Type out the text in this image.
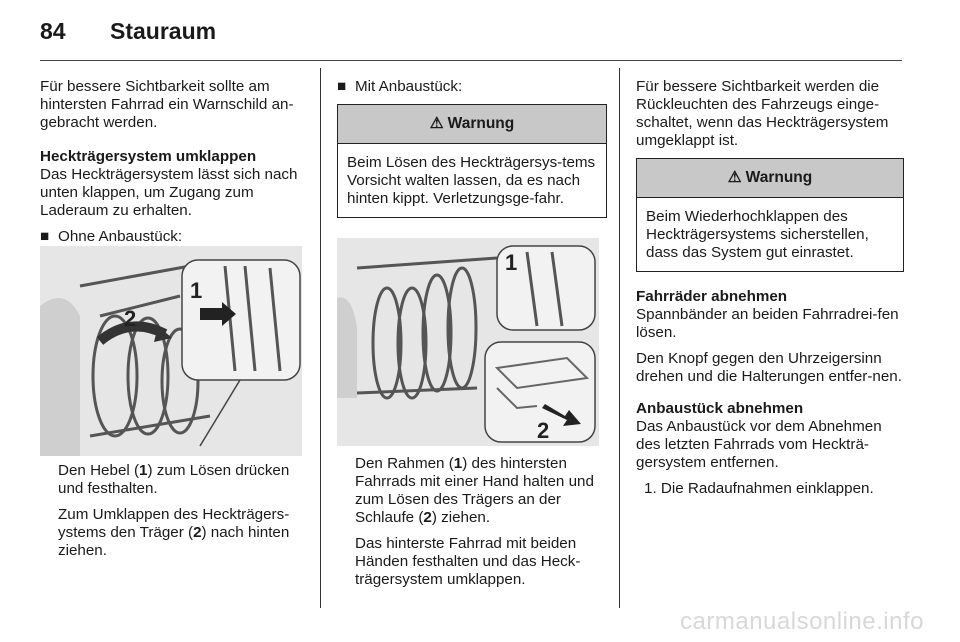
84 Stauraum

Für bessere Sichtbarkeit sollte am hintersten Fahrrad ein Warnschild an-gebracht werden.

Heckträgersystem umklappen

Das Heckträgersystem lässt sich nach unten klappen, um Zugang zum Laderaum zu erhalten.

■ Ohne Anbaustück:

2
1

Den Hebel (1) zum Lösen drücken und festhalten.

Zum Umklappen des Heckträgers-ystems den Träger (2) nach hinten ziehen.

■ Mit Anbaustück:

⚠ Warnung
Beim Lösen des Heckträgersys-tems Vorsicht walten lassen, da es nach hinten kippt. Verletzungsge-fahr.
1
2

Den Rahmen (1) des hintersten Fahrrads mit einer Hand halten und zum Lösen des Trägers an der Schlaufe (2) ziehen.

Das hinterste Fahrrad mit beiden Händen festhalten und das Heck-trägersystem umklappen.

Für bessere Sichtbarkeit werden die Rückleuchten des Fahrzeugs einge-schaltet, wenn das Heckträgersystem umgeklappt ist.

⚠ Warnung
Beim Wiederhochklappen des Heckträgersystems sicherstellen, dass das System gut einrastet.
Fahrräder abnehmen

Spannbänder an beiden Fahrradrei-fen lösen.

Den Knopf gegen den Uhrzeigersinn drehen und die Halterungen entfer-nen.

Anbaustück abnehmen

Das Anbaustück vor dem Abnehmen des letzten Fahrrads vom Heckträ-gersystem entfernen.

1. Die Radaufnahmen einklappen.

carmanualsonline.info
